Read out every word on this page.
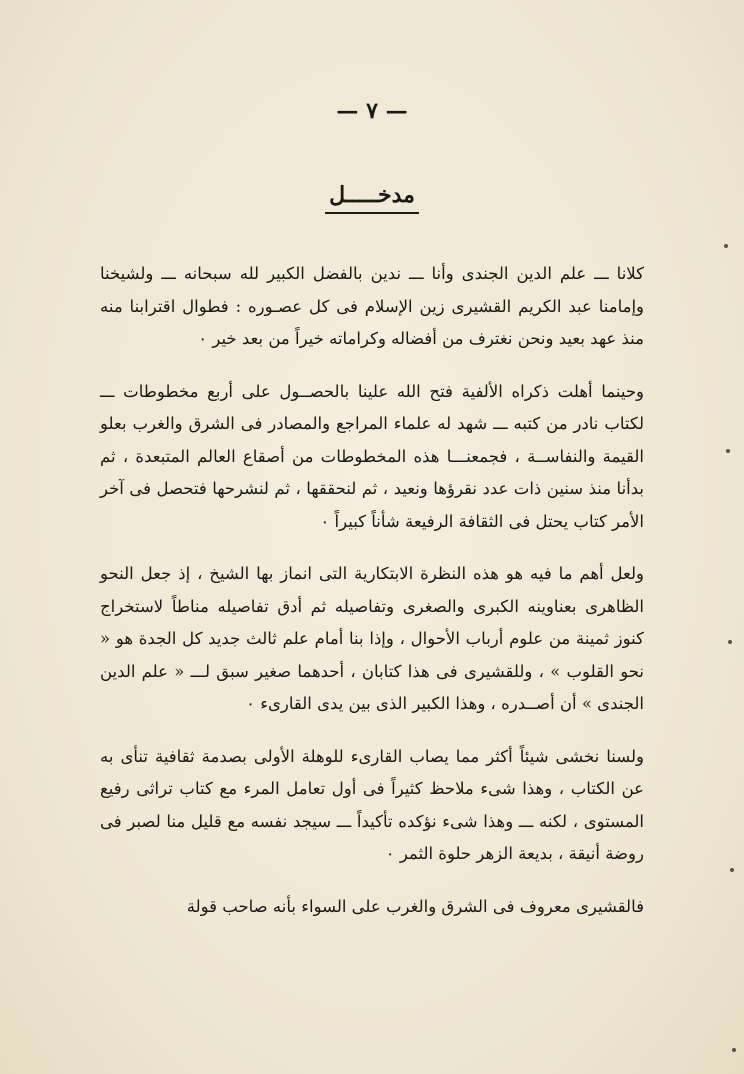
— ٧ —
مدخـــــل

كلانا ـــ علم الدين الجندى وأنا ـــ ندين بالفضل الكبير لله سبحانه ـــ ولشيخنا وإمامنا عبد الكريم القشيرى زين الإسلام فى كل عصـوره : فطوال اقترابنا منه منذ عهد بعيد ونحن نغترف من أفضاله وكراماته خيراً من بعد خير ٠

وحينما أهلت ذكراه الألفية فتح الله علينا بالحصــول على أربع مخطوطات ـــ لكتاب نادر من كتبه ـــ شهد له علماء المراجع والمصادر فى الشرق والغرب بعلو القيمة والنفاســة ، فجمعنـــا هذه المخطوطات من أصقاع العالم المتبعدة ، ثم بدأنا منذ سنين ذات عدد نقرؤها ونعيد ، ثم لنحققها ، ثم لنشرحها فتحصل فى آخر الأمر كتاب يحتل فى الثقافة الرفيعة شأناً كبيراً ٠

ولعل أهم ما فيه هو هذه النظرة الابتكارية التى انماز بها الشيخ ، إذ جعل النحو الظاهرى بعناوينه الكبرى والصغرى وتفاصيله ثم أدق تفاصيله مناطاً لاستخراج كنوز ثمينة من علوم أرباب الأحوال ، وإذا بنا أمام علم ثالث جديد كل الجدة هو « نحو القلوب » ، وللقشيرى فى هذا كتابان ، أحدهما صغير سبق لـــ « علم الدين الجندى » أن أصــدره ، وهذا الكبير الذى بين يدى القارىء ٠

ولسنا نخشى شيئاً أكثر مما يصاب القارىء للوهلة الأولى بصدمة ثقافية تنأى به عن الكتاب ، وهذا شىء ملاحظ كثيراً فى أول تعامل المرء مع كتاب تراثى رفيع المستوى ، لكنه ـــ وهذا شىء نؤكده تأكيداً ـــ سيجد نفسه مع قليل منا لصبر فى روضة أنيقة ، بديعة الزهر حلوة الثمر ٠

فالقشيرى معروف فى الشرق والغرب على السواء بأنه صاحب قولة
